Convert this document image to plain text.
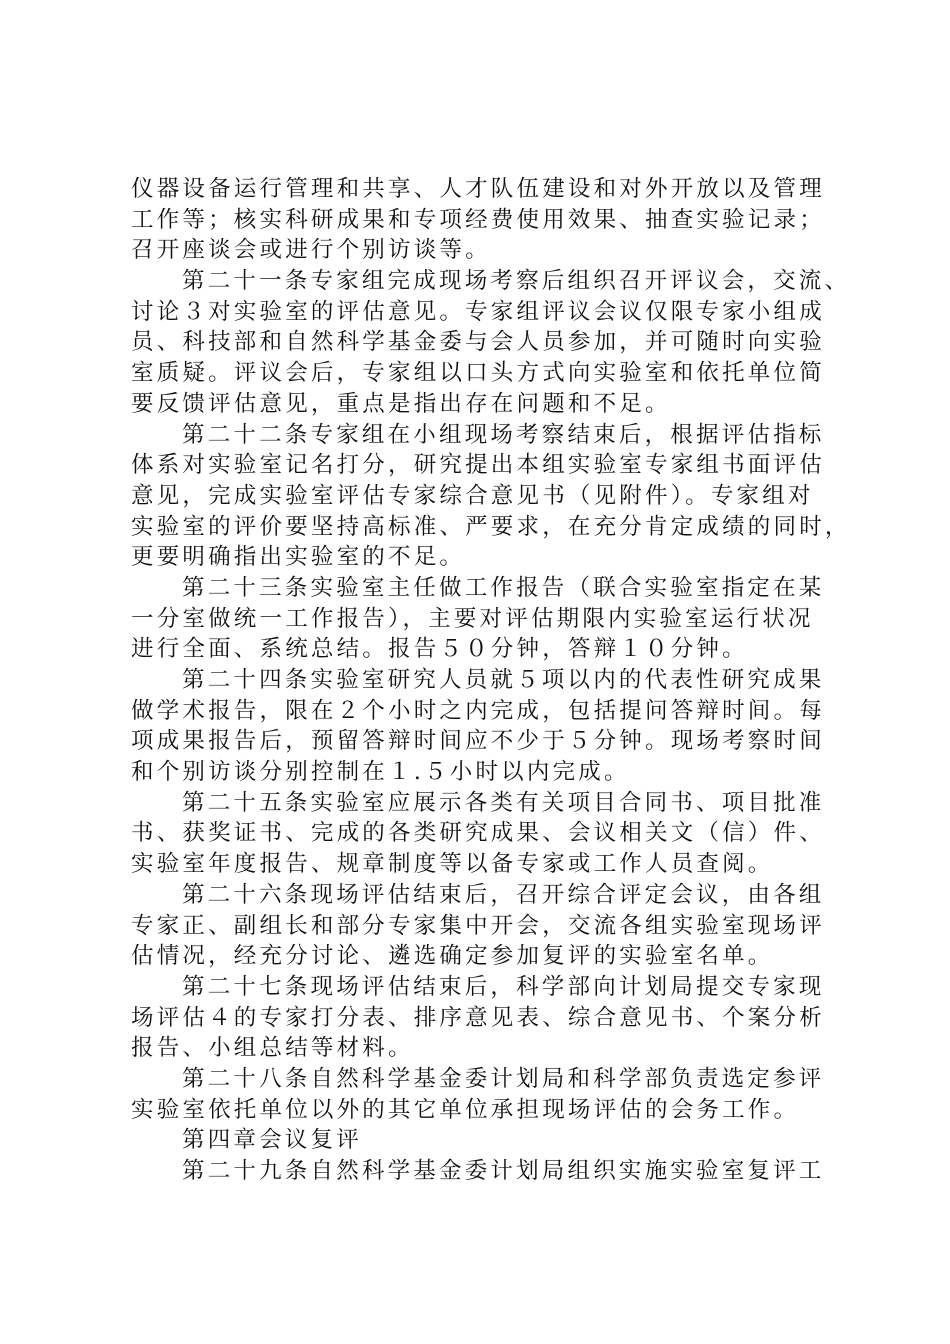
仪器设备运行管理和共享、人才队伍建设和对外开放以及管理
工作等；核实科研成果和专项经费使用效果、抽查实验记录；
召开座谈会或进行个别访谈等。
第二十一条专家组完成现场考察后组织召开评议会，交流、
讨论３对实验室的评估意见。专家组评议会议仅限专家小组成
员、科技部和自然科学基金委与会人员参加，并可随时向实验
室质疑。评议会后，专家组以口头方式向实验室和依托单位简
要反馈评估意见，重点是指出存在问题和不足。
第二十二条专家组在小组现场考察结束后，根据评估指标
体系对实验室记名打分，研究提出本组实验室专家组书面评估
意见，完成实验室评估专家综合意见书（见附件）。专家组对
实验室的评价要坚持高标准、严要求，在充分肯定成绩的同时，
更要明确指出实验室的不足。
第二十三条实验室主任做工作报告（联合实验室指定在某
一分室做统一工作报告），主要对评估期限内实验室运行状况
进行全面、系统总结。报告５０分钟，答辩１０分钟。
第二十四条实验室研究人员就５项以内的代表性研究成果
做学术报告，限在２个小时之内完成，包括提问答辩时间。每
项成果报告后，预留答辩时间应不少于５分钟。现场考察时间
和个别访谈分别控制在１.５小时以内完成。
第二十五条实验室应展示各类有关项目合同书、项目批准
书、获奖证书、完成的各类研究成果、会议相关文（信）件、
实验室年度报告、规章制度等以备专家或工作人员查阅。
第二十六条现场评估结束后，召开综合评定会议，由各组
专家正、副组长和部分专家集中开会，交流各组实验室现场评
估情况，经充分讨论、遴选确定参加复评的实验室名单。
第二十七条现场评估结束后，科学部向计划局提交专家现
场评估４的专家打分表、排序意见表、综合意见书、个案分析
报告、小组总结等材料。
第二十八条自然科学基金委计划局和科学部负责选定参评
实验室依托单位以外的其它单位承担现场评估的会务工作。
第四章会议复评
第二十九条自然科学基金委计划局组织实施实验室复评工
